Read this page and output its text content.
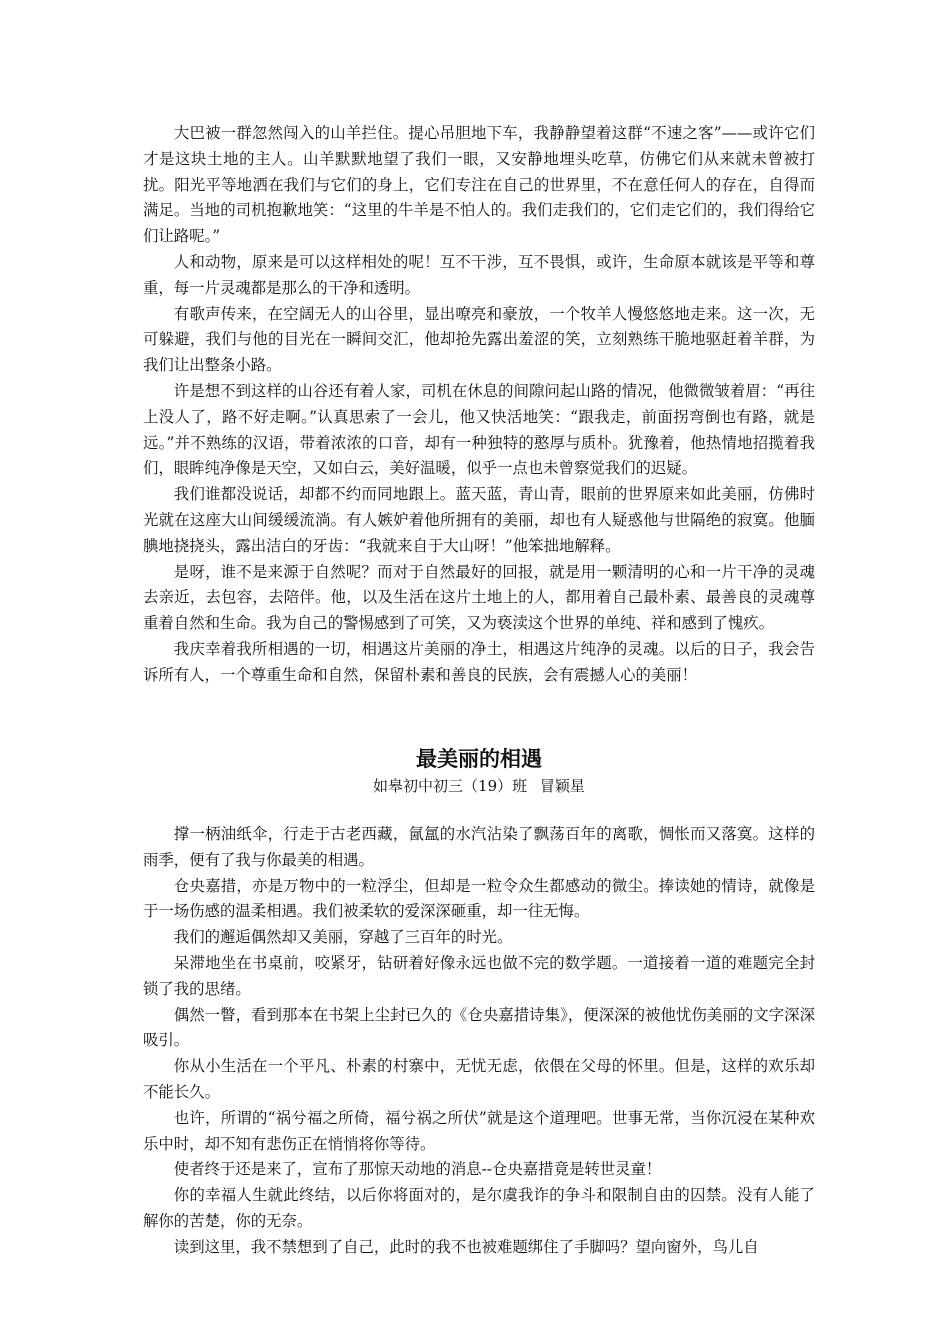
大巴被一群忽然闯入的山羊拦住。提心吊胆地下车，我静静望着这群“不速之客”——或许它们才是这块土地的主人。山羊默默地望了我们一眼，又安静地埋头吃草，仿佛它们从来就未曾被打扰。阳光平等地洒在我们与它们的身上，它们专注在自己的世界里，不在意任何人的存在，自得而满足。当地的司机抱歉地笑：“这里的牛羊是不怕人的。我们走我们的，它们走它们的，我们得给它们让路呢。”

人和动物，原来是可以这样相处的呢！互不干涉，互不畏惧，或许，生命原本就该是平等和尊重，每一片灵魂都是那么的干净和透明。

有歌声传来，在空阔无人的山谷里，显出嘹亮和豪放，一个牧羊人慢悠悠地走来。这一次，无可躲避，我们与他的目光在一瞬间交汇，他却抢先露出羞涩的笑，立刻熟练干脆地驱赶着羊群，为我们让出整条小路。

许是想不到这样的山谷还有着人家，司机在休息的间隙问起山路的情况，他微微皱着眉：“再往上没人了，路不好走啊。”认真思索了一会儿，他又快活地笑：“跟我走，前面拐弯倒也有路，就是远。”并不熟练的汉语，带着浓浓的口音，却有一种独特的憨厚与质朴。犹豫着，他热情地招揽着我们，眼眸纯净像是天空，又如白云，美好温暖，似乎一点也未曾察觉我们的迟疑。

我们谁都没说话，却都不约而同地跟上。蓝天蓝，青山青，眼前的世界原来如此美丽，仿佛时光就在这座大山间缓缓流淌。有人嫉妒着他所拥有的美丽，却也有人疑惑他与世隔绝的寂寞。他腼腆地挠挠头，露出洁白的牙齿：“我就来自于大山呀！”他笨拙地解释。

是呀，谁不是来源于自然呢？而对于自然最好的回报，就是用一颗清明的心和一片干净的灵魂去亲近，去包容，去陪伴。他，以及生活在这片土地上的人，都用着自己最朴素、最善良的灵魂尊重着自然和生命。我为自己的警惕感到了可笑，又为亵渎这个世界的单纯、祥和感到了愧疚。

我庆幸着我所相遇的一切，相遇这片美丽的净土，相遇这片纯净的灵魂。以后的日子，我会告诉所有人，一个尊重生命和自然，保留朴素和善良的民族，会有震撼人心的美丽！

最美丽的相遇
如皋初中初三（19）班 冒颖星

撑一柄油纸伞，行走于古老西藏，氤氲的水汽沾染了飘荡百年的离歌，惆怅而又落寞。这样的雨季，便有了我与你最美的相遇。

仓央嘉措，亦是万物中的一粒浮尘，但却是一粒令众生都感动的微尘。捧读她的情诗，就像是于一场伤感的温柔相遇。我们被柔软的爱深深砸重，却一往无悔。

我们的邂逅偶然却又美丽，穿越了三百年的时光。

呆滞地坐在书桌前，咬紧牙，钻研着好像永远也做不完的数学题。一道接着一道的难题完全封锁了我的思绪。

偶然一瞥，看到那本在书架上尘封已久的《仓央嘉措诗集》，便深深的被他忧伤美丽的文字深深吸引。

你从小生活在一个平凡、朴素的村寨中，无忧无虑，依偎在父母的怀里。但是，这样的欢乐却不能长久。

也许，所谓的“祸兮福之所倚，福兮祸之所伏”就是这个道理吧。世事无常，当你沉浸在某种欢乐中时，却不知有悲伤正在悄悄将你等待。

使者终于还是来了，宣布了那惊天动地的消息--仓央嘉措竟是转世灵童！

你的幸福人生就此终结，以后你将面对的，是尔虞我诈的争斗和限制自由的囚禁。没有人能了解你的苦楚，你的无奈。

读到这里，我不禁想到了自己，此时的我不也被难题绑住了手脚吗？望向窗外，鸟儿自
